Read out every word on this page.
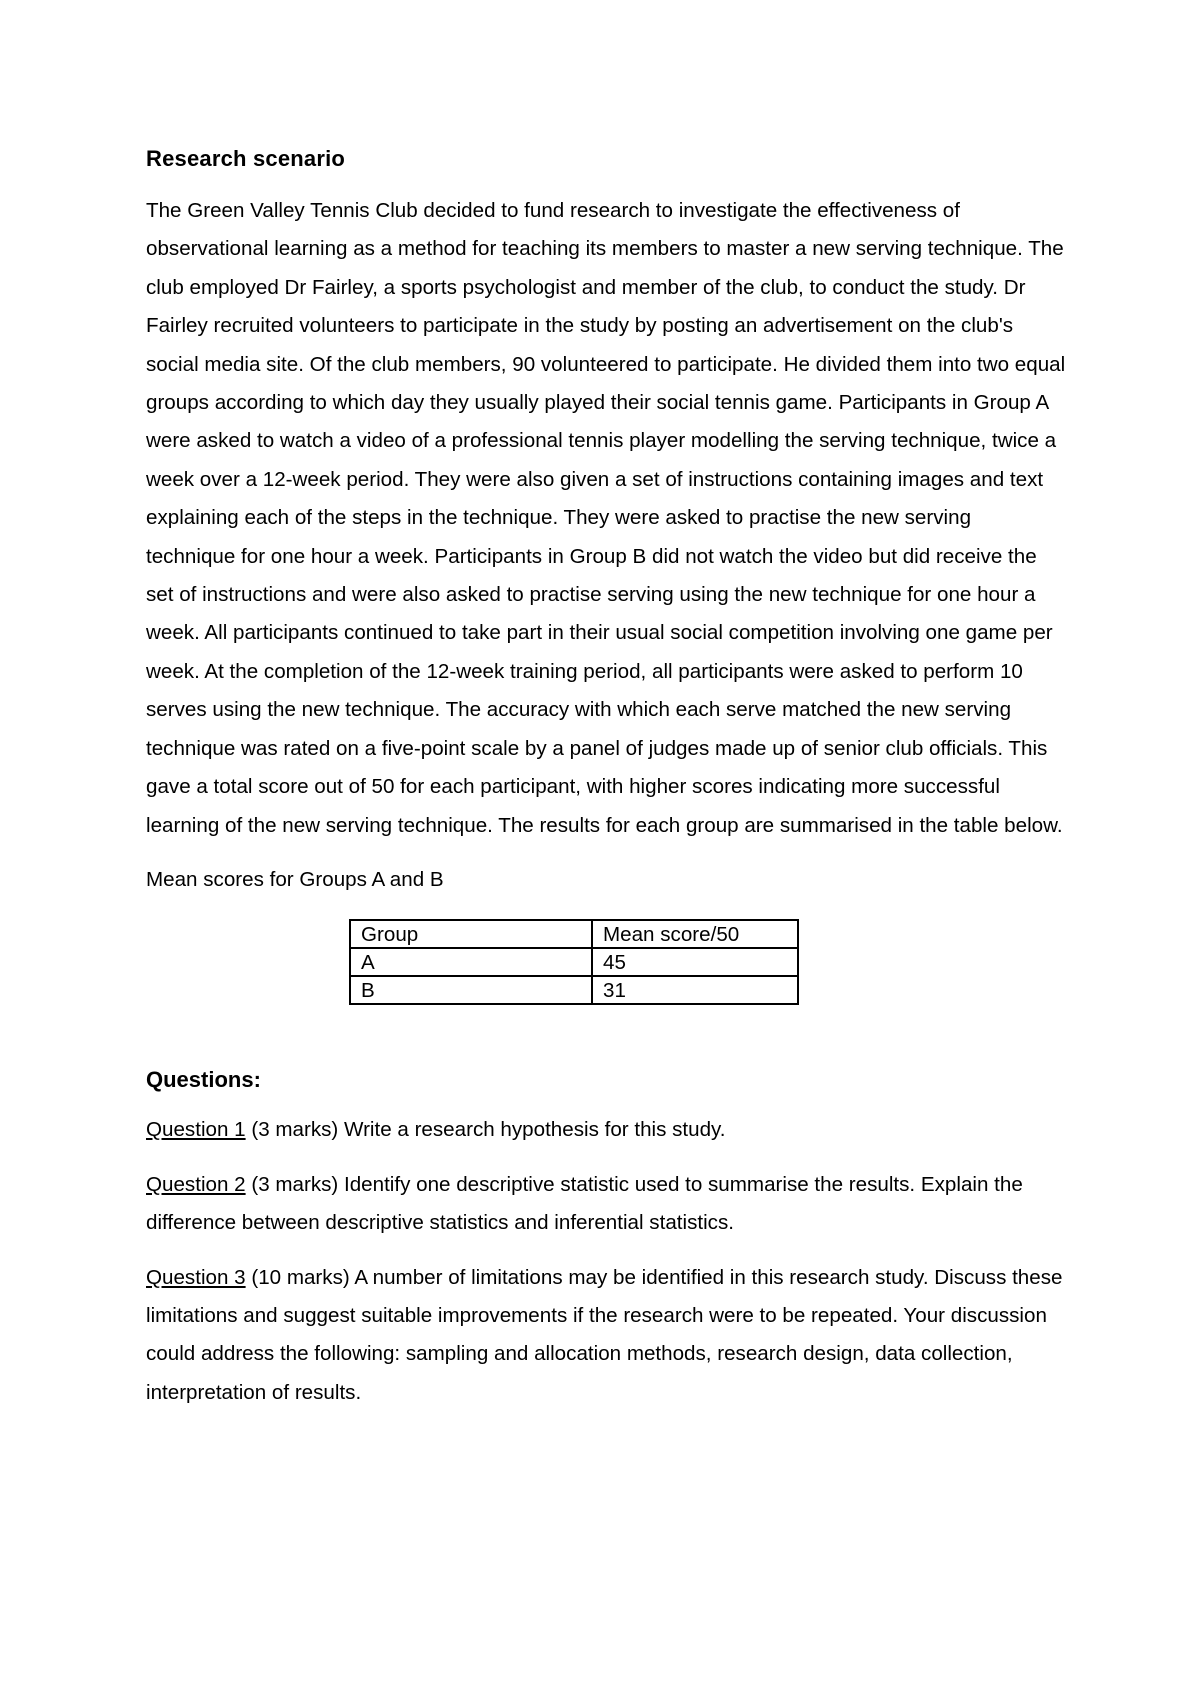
Research scenario

The Green Valley Tennis Club decided to fund research to investigate the effectiveness of observational learning as a method for teaching its members to master a new serving technique. The club employed Dr Fairley, a sports psychologist and member of the club, to conduct the study. Dr Fairley recruited volunteers to participate in the study by posting an advertisement on the club's social media site. Of the club members, 90 volunteered to participate. He divided them into two equal groups according to which day they usually played their social tennis game. Participants in Group A were asked to watch a video of a professional tennis player modelling the serving technique, twice a week over a 12-week period. They were also given a set of instructions containing images and text explaining each of the steps in the technique. They were asked to practise the new serving technique for one hour a week. Participants in Group B did not watch the video but did receive the set of instructions and were also asked to practise serving using the new technique for one hour a week. All participants continued to take part in their usual social competition involving one game per week. At the completion of the 12-week training period, all participants were asked to perform 10 serves using the new technique. The accuracy with which each serve matched the new serving technique was rated on a five-point scale by a panel of judges made up of senior club officials. This gave a total score out of 50 for each participant, with higher scores indicating more successful learning of the new serving technique. The results for each group are summarised in the table below.

Mean scores for Groups A and B

Group	Mean score/50
A	45
B	31
Questions:

Question 1 (3 marks) Write a research hypothesis for this study.

Question 2 (3 marks) Identify one descriptive statistic used to summarise the results. Explain the difference between descriptive statistics and inferential statistics.

Question 3 (10 marks) A number of limitations may be identified in this research study. Discuss these limitations and suggest suitable improvements if the research were to be repeated. Your discussion could address the following: sampling and allocation methods, research design, data collection, interpretation of results.
